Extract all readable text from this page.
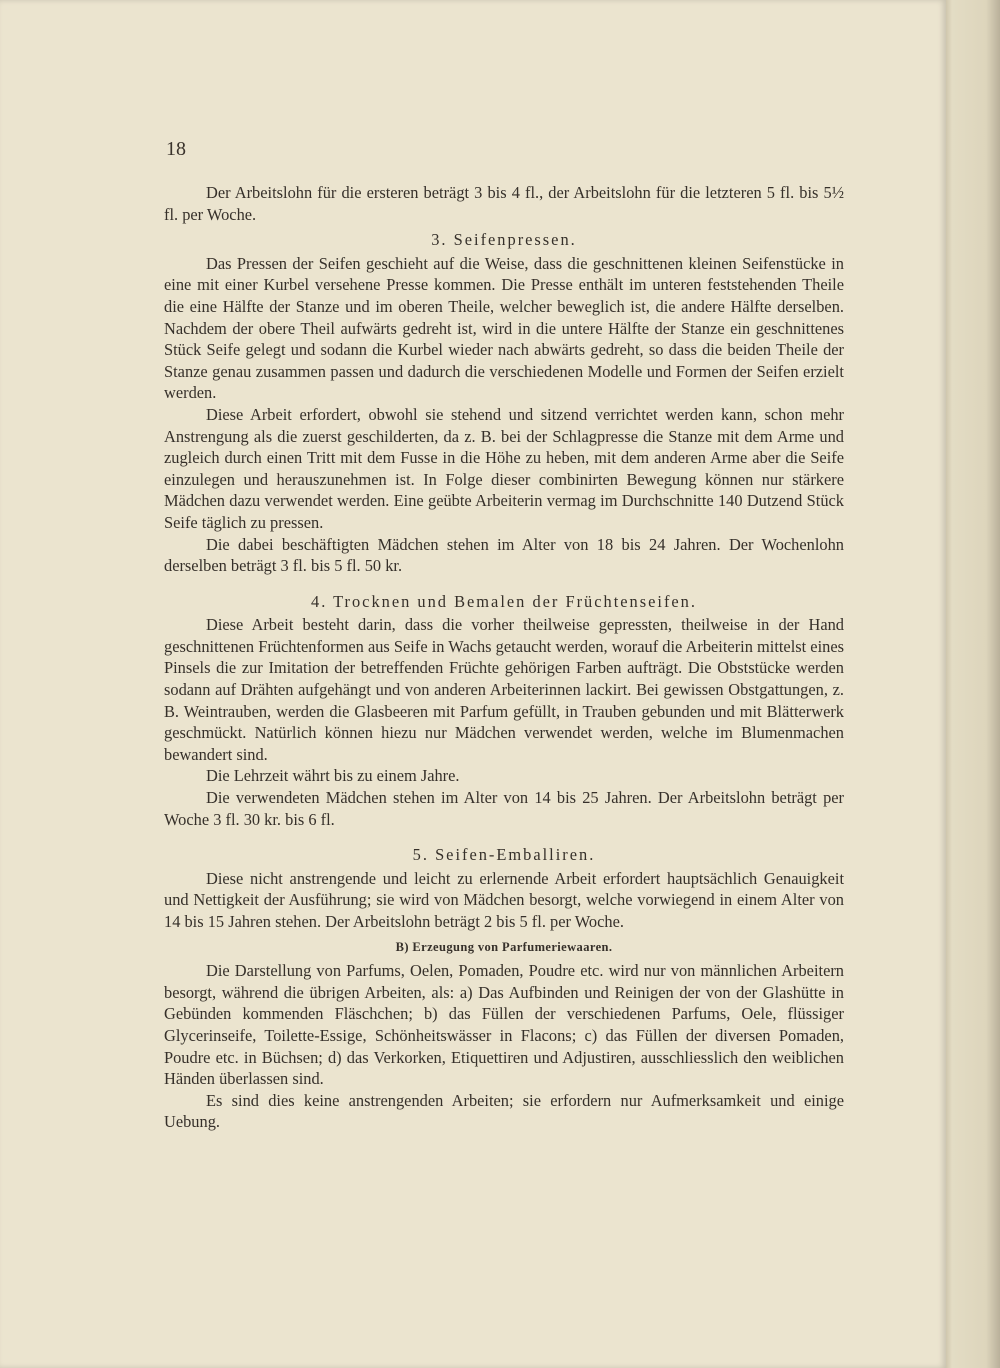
18

Der Arbeitslohn für die ersteren beträgt 3 bis 4 fl., der Arbeitslohn für die letzteren 5 fl. bis 5½ fl. per Woche.

3. Seifenpressen.

Das Pressen der Seifen geschieht auf die Weise, dass die geschnittenen kleinen Seifenstücke in eine mit einer Kurbel versehene Presse kommen. Die Presse enthält im unteren feststehenden Theile die eine Hälfte der Stanze und im oberen Theile, welcher beweglich ist, die andere Hälfte derselben. Nachdem der obere Theil aufwärts gedreht ist, wird in die untere Hälfte der Stanze ein geschnittenes Stück Seife gelegt und sodann die Kurbel wieder nach abwärts gedreht, so dass die beiden Theile der Stanze genau zusammen passen und dadurch die verschiedenen Modelle und Formen der Seifen erzielt werden.

Diese Arbeit erfordert, obwohl sie stehend und sitzend verrichtet werden kann, schon mehr Anstrengung als die zuerst geschilderten, da z. B. bei der Schlagpresse die Stanze mit dem Arme und zugleich durch einen Tritt mit dem Fusse in die Höhe zu heben, mit dem anderen Arme aber die Seife einzulegen und herauszunehmen ist. In Folge dieser combinirten Bewegung können nur stärkere Mädchen dazu verwendet werden. Eine geübte Arbeiterin vermag im Durchschnitte 140 Dutzend Stück Seife täglich zu pressen.

Die dabei beschäftigten Mädchen stehen im Alter von 18 bis 24 Jahren. Der Wochenlohn derselben beträgt 3 fl. bis 5 fl. 50 kr.

4. Trocknen und Bemalen der Früchtenseifen.

Diese Arbeit besteht darin, dass die vorher theilweise gepressten, theilweise in der Hand geschnittenen Früchtenformen aus Seife in Wachs getaucht werden, worauf die Arbeiterin mittelst eines Pinsels die zur Imitation der betreffenden Früchte gehörigen Farben aufträgt. Die Obststücke werden sodann auf Drähten aufgehängt und von anderen Arbeiterinnen lackirt. Bei gewissen Obstgattungen, z. B. Weintrauben, werden die Glasbeeren mit Parfum gefüllt, in Trauben gebunden und mit Blätterwerk geschmückt. Natürlich können hiezu nur Mädchen verwendet werden, welche im Blumenmachen bewandert sind.

Die Lehrzeit währt bis zu einem Jahre.

Die verwendeten Mädchen stehen im Alter von 14 bis 25 Jahren. Der Arbeitslohn beträgt per Woche 3 fl. 30 kr. bis 6 fl.

5. Seifen-Emballiren.

Diese nicht anstrengende und leicht zu erlernende Arbeit erfordert hauptsächlich Genauigkeit und Nettigkeit der Ausführung; sie wird von Mädchen besorgt, welche vorwiegend in einem Alter von 14 bis 15 Jahren stehen. Der Arbeitslohn beträgt 2 bis 5 fl. per Woche.

B) Erzeugung von Parfumeriewaaren.

Die Darstellung von Parfums, Oelen, Pomaden, Poudre etc. wird nur von männlichen Arbeitern besorgt, während die übrigen Arbeiten, als: a) Das Aufbinden und Reinigen der von der Glashütte in Gebünden kommenden Fläschchen; b) das Füllen der verschiedenen Parfums, Oele, flüssiger Glycerinseife, Toilette-Essige, Schönheitswässer in Flacons; c) das Füllen der diversen Pomaden, Poudre etc. in Büchsen; d) das Verkorken, Etiquettiren und Adjustiren, ausschliesslich den weiblichen Händen überlassen sind.

Es sind dies keine anstrengenden Arbeiten; sie erfordern nur Aufmerksamkeit und einige Uebung.
